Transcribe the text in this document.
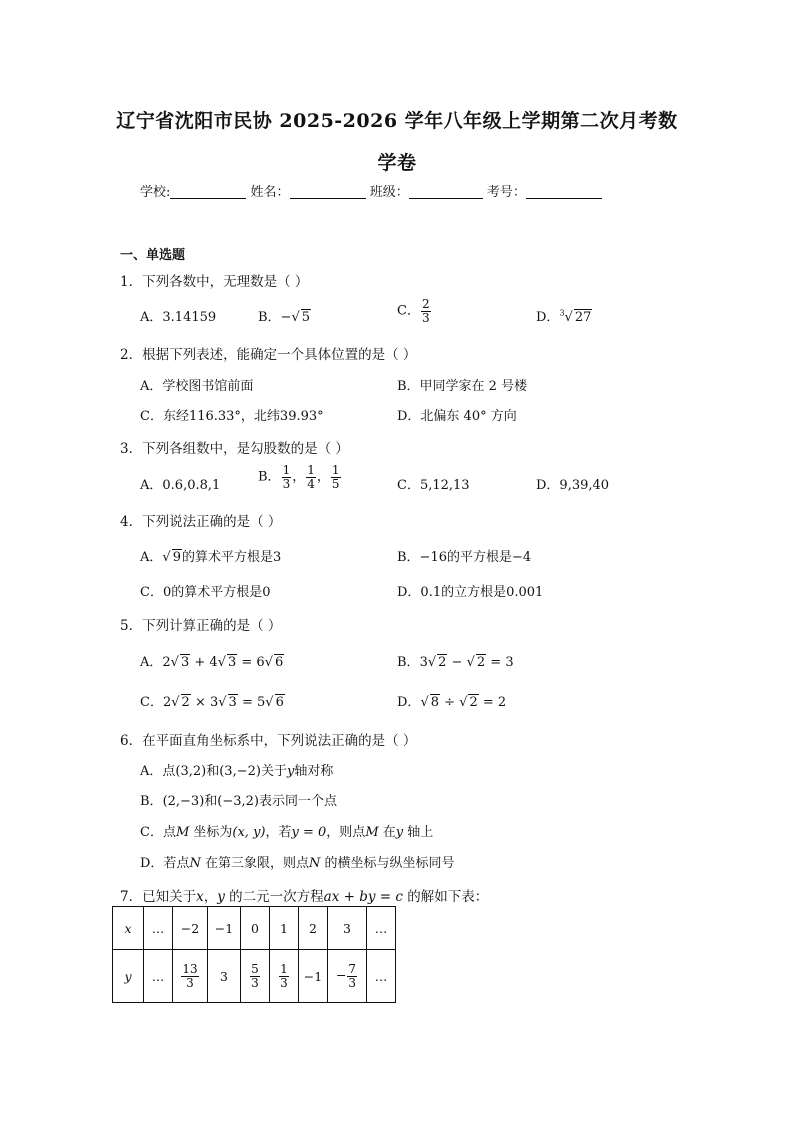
辽宁省沈阳市民协 2025-2026 学年八年级上学期第二次月考数
学卷
学校:	姓名：	班级：	考号：
一、单选题
1．下列各数中，无理数是（ ）
A．3.14159	B．−√ 5	C． $\frac{2}{3}$	D．$^3$√ 27
2．根据下列表述，能确定一个具体位置的是（ ）
A．学校图书馆前面	B．甲同学家在 2 号楼
C．东经116.33°，北纬39.93°	D．北偏东 40° 方向
3．下列各组数中，是勾股数的是（ ）
A．0.6,0.8,1
B． $\frac{1}{3}$ ， $\frac{1}{4}$ ， $\frac{1}{5}$	C．5,12,13	D．9,39,40
4．下列说法正确的是（ ）
A．√ 9的算术平方根是3	B．−16的平方根是−4
C．0的算术平方根是0	D．0.1的立方根是0.001
5．下列计算正确的是（ ）
A．2√ 3 + 4√ 3 = 6√ 6	B．3√ 2 − √ 2 = 3
C．2√ 2 × 3√ 3 = 5√ 6	D．√ 8 ÷ √ 2 = 2
6．在平面直角坐标系中，下列说法正确的是（ ）
A．点(3,2)和(3,−2)关于y轴对称
B．(2,−3)和(−3,2)表示同一个点
C．点M 坐标为(x, y)，若y = 0，则点M 在y 轴上
D．若点N 在第三象限，则点N 的横坐标与纵坐标同号
7．已知关于x，y 的二元一次方程ax + by = c 的解如下表：
x	…	−2	−1	0	1	2	3	…
y	…	$\frac{13}{3}$	3	$\frac{5}{3}$	$\frac{1}{3}$	−1	− $\frac{7}{3}$	…
